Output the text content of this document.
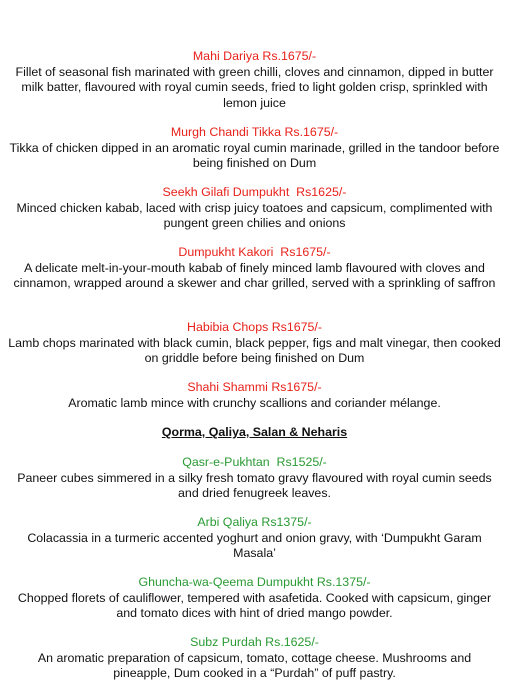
Mahi Dariya Rs.1675/-
Fillet of seasonal fish marinated with green chilli, cloves and cinnamon, dipped in butter milk batter, flavoured with royal cumin seeds, fried to light golden crisp, sprinkled with lemon juice
Murgh Chandi Tikka Rs.1675/-
Tikka of chicken dipped in an aromatic royal cumin marinade, grilled in the tandoor before being finished on Dum
Seekh Gilafi Dumpukht  Rs1625/-
Minced chicken kabab, laced with crisp juicy toatoes and capsicum, complimented with pungent green chilies and onions
Dumpukht Kakori  Rs1675/-
A delicate melt-in-your-mouth kabab of finely minced lamb flavoured with cloves and cinnamon, wrapped around a skewer and char grilled, served with a sprinkling of saffron
Habibia Chops Rs1675/-
Lamb chops marinated with black cumin, black pepper, figs and malt vinegar, then cooked on griddle before being finished on Dum
Shahi Shammi Rs1675/-
Aromatic lamb mince with crunchy scallions and coriander mélange.
Qorma, Qaliya, Salan & Neharis
Qasr-e-Pukhtan  Rs1525/-
Paneer cubes simmered in a silky fresh tomato gravy flavoured with royal cumin seeds and dried fenugreek leaves.
Arbi Qaliya Rs1375/-
Colacassia in a turmeric accented yoghurt and onion gravy, with ‘Dumpukht Garam Masala’
Ghuncha-wa-Qeema Dumpukht Rs.1375/-
Chopped florets of cauliflower, tempered with asafetida. Cooked with capsicum, ginger and tomato dices with hint of dried mango powder.
Subz Purdah Rs.1625/-
An aromatic preparation of capsicum, tomato, cottage cheese. Mushrooms and pineapple, Dum cooked in a “Purdah” of puff pastry.
